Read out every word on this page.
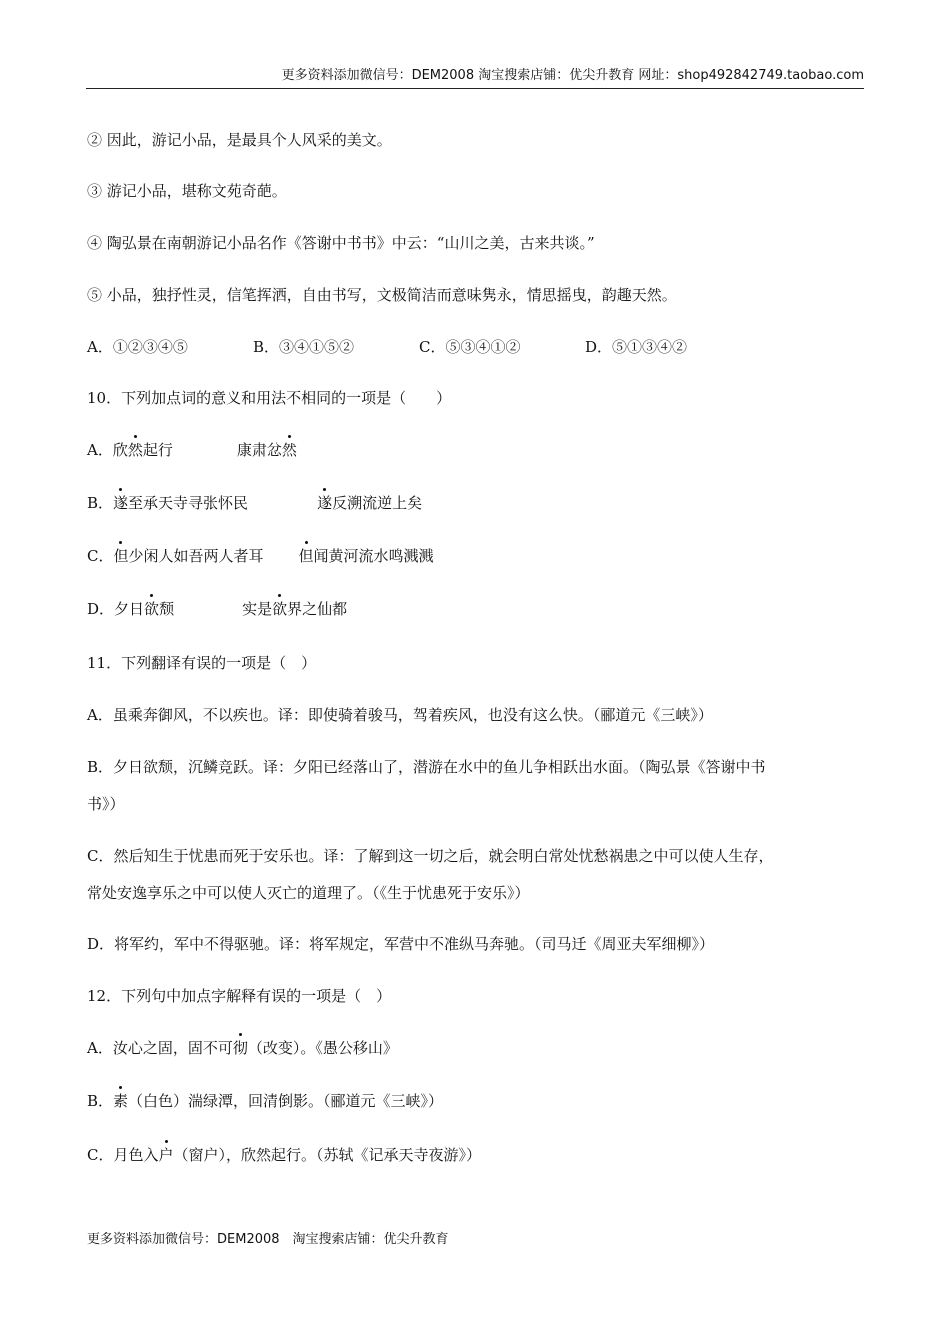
更多资料添加微信号：DEM2008 淘宝搜索店铺：优尖升教育 网址：shop492842749.taobao.com
② 因此，游记小品，是最具个人风采的美文。
③ 游记小品，堪称文苑奇葩。
④ 陶弘景在南朝游记小品名作《答谢中书书》中云：“山川之美，古来共谈。”
⑤ 小品，独抒性灵，信笔挥洒，自由书写，文极简洁而意味隽永，情思摇曳，韵趣天然。
A．①②③④⑤	B．③④①⑤②	C．⑤③④①②	D．⑤①③④②
10．下列加点词的意义和用法不相同的一项是（　　）
A．欣然起行	康肃忿然
B．遂至承天寺寻张怀民	遂反溯流逆上矣
C．但少闲人如吾两人者耳 但闻黄河流水鸣溅溅
D．夕日欲颓	实是欲界之仙都
11．下列翻译有误的一项是（　）
A．虽乘奔御风，不以疾也。译：即使骑着骏马，驾着疾风，也没有这么快。（郦道元《三峡》）
B．夕日欲颓，沉鳞竞跃。译：夕阳已经落山了，潜游在水中的鱼儿争相跃出水面。（陶弘景《答谢中书
书》）
C．然后知生于忧患而死于安乐也。译：了解到这一切之后，就会明白常处忧愁祸患之中可以使人生存，
常处安逸享乐之中可以使人灭亡的道理了。（《生于忧患死于安乐》）
D．将军约，军中不得驱驰。译：将军规定，军营中不准纵马奔驰。（司马迁《周亚夫军细柳》）
12．下列句中加点字解释有误的一项是（　）
A．汝心之固，固不可彻（改变）。《愚公移山》
B．素（白色）湍绿潭，回清倒影。（郦道元《三峡》）
C．月色入户（窗户），欣然起行。（苏轼《记承天寺夜游》）
更多资料添加微信号：DEM2008　淘宝搜索店铺：优尖升教育
